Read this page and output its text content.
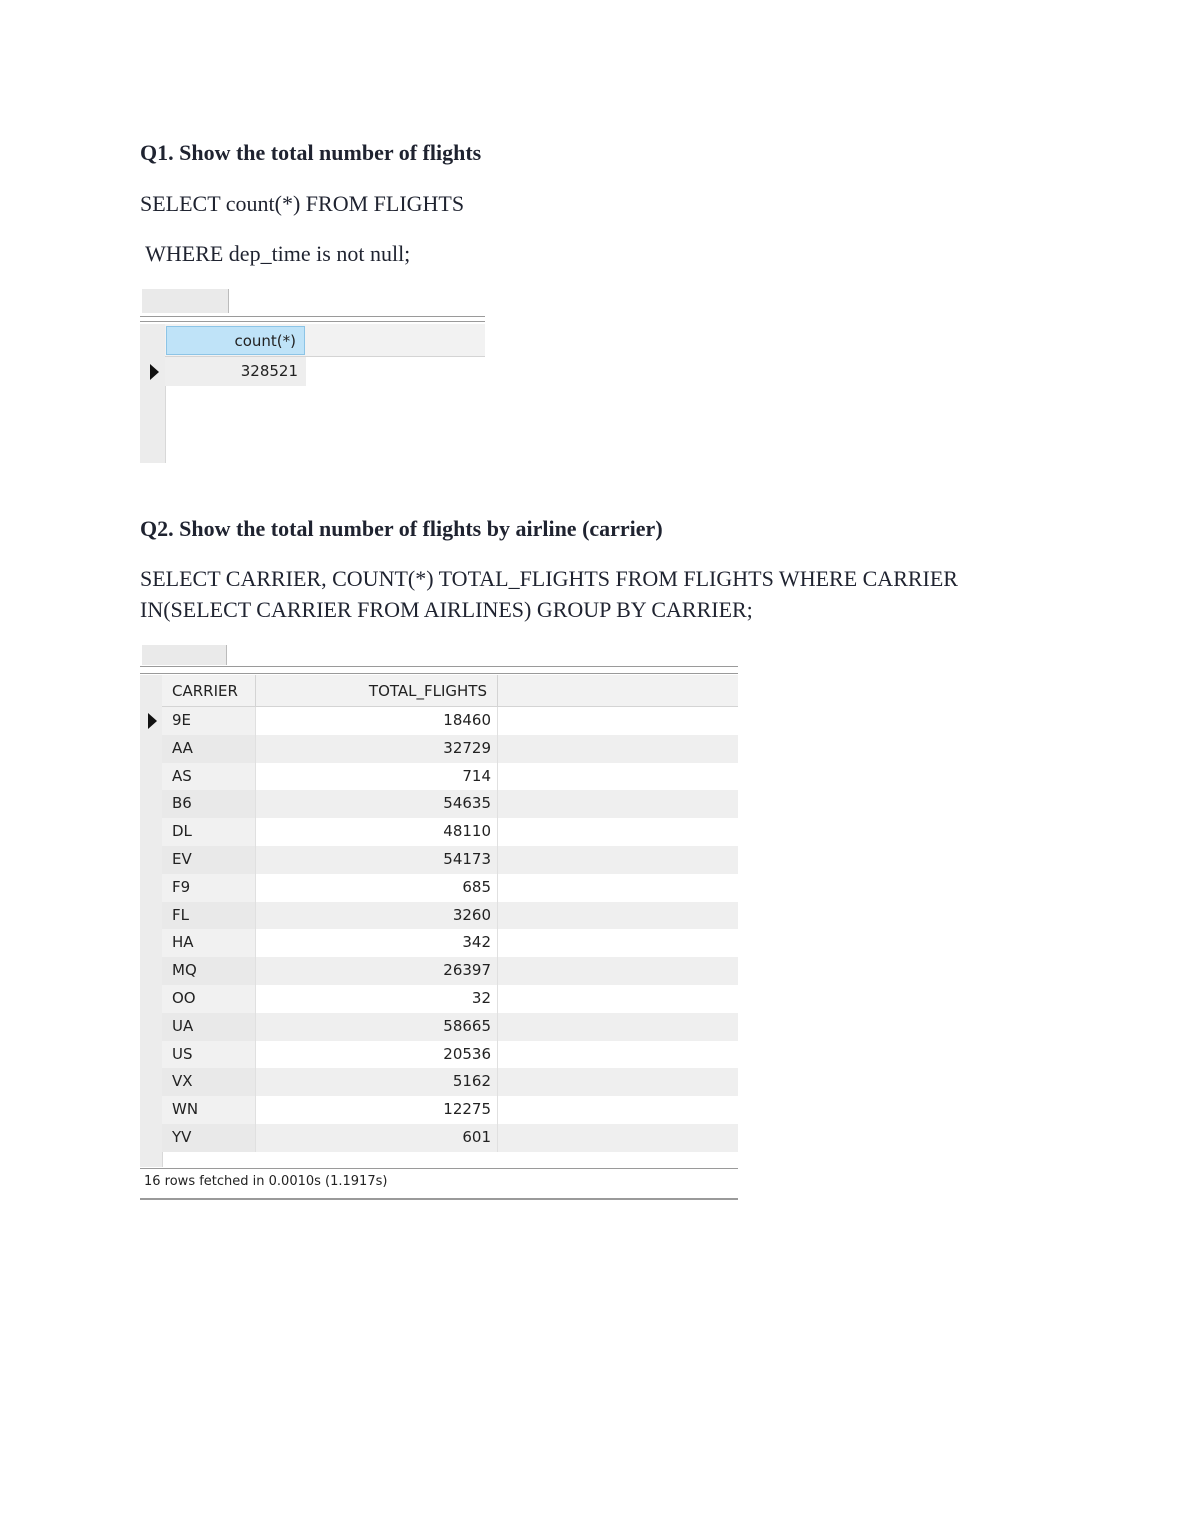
Q1. Show the total number of flights
SELECT count(*) FROM FLIGHTS
WHERE dep_time is not null;
count(*)
328521
Q2. Show the total number of flights by airline (carrier)
SELECT CARRIER, COUNT(*) TOTAL_FLIGHTS FROM FLIGHTS WHERE CARRIER
IN(SELECT CARRIER FROM AIRLINES) GROUP BY CARRIER;
CARRIER	TOTAL_FLIGHTS
9E	18460
AA	32729
AS	714
B6	54635
DL	48110
EV	54173
F9	685
FL	3260
HA	342
MQ	26397
OO	32
UA	58665
US	20536
VX	5162
WN	12275
YV	601
16 rows fetched in 0.0010s (1.1917s)
